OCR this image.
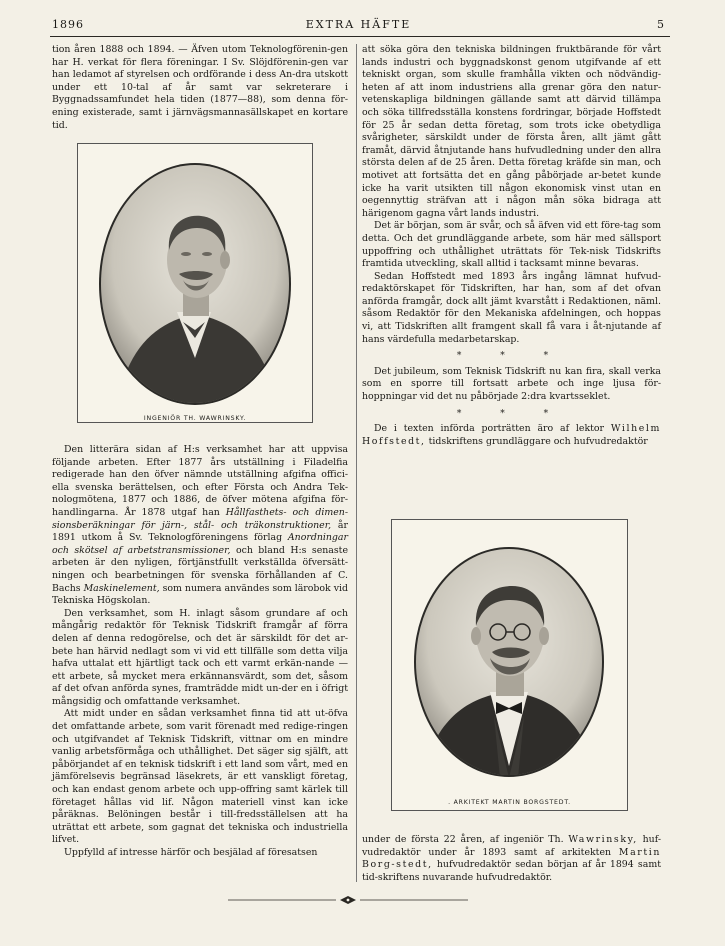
1896	EXTRA HÄFTE	5

tion åren 1888 och 1894. — Äfven utom Teknologförenin-gen har H. verkat för flera föreningar. I Sv. Slöjdförenin-gen var han ledamot af styrelsen och ordförande i dess An-dra utskott under ett 10-tal af år samt var sekreterare i Byggnadssamfundet hela tiden (1877—88), som denna för-ening existerade, samt i järnvägsmannasällskapet en kortare tid.

INGENIÖR TH. WAWRINSKY.

Den litterära sidan af H:s verksamhet har att uppvisa följande arbeten. Efter 1877 års utställning i Filadelfia redigerade han den öfver nämnde utställning afgifna offici-ella svenska berättelsen, och efter Första och Andra Tek-nologmötena, 1877 och 1886, de öfver mötena afgifna för-handlingarna. År 1878 utgaf han Hållfasthets- och dimen-sionsberäkningar för järn-, stål- och träkonstruktioner, år 1891 utkom å Sv. Teknologföreningens förlag Anordningar och skötsel af arbetstransmissioner, och bland H:s senaste arbeten är den nyligen, förtjänstfullt verkställda öfversätt-ningen och bearbetningen för svenska förhållanden af C. Bachs Maskinelement, som numera användes som lärobok vid Tekniska Högskolan.

Den verksamhet, som H. inlagt såsom grundare af och mångårig redaktör för Teknisk Tidskrift framgår af förra delen af denna redogörelse, och det är särskildt för det ar-bete han härvid nedlagt som vi vid ett tillfälle som detta vilja hafva uttalat ett hjärtligt tack och ett varmt erkän-nande — ett arbete, så mycket mera erkännansvärdt, som det, såsom af det ofvan anförda synes, framträdde midt un-der en i öfrigt mångsidig och omfattande verksamhet.

Att midt under en sådan verksamhet finna tid att ut-öfva det omfattande arbete, som varit förenadt med redige-ringen och utgifvandet af Teknisk Tidskrift, vittnar om en mindre vanlig arbetsförmåga och uthållighet. Det säger sig själft, att påbörjandet af en teknisk tidskrift i ett land som vårt, med en jämförelsevis begränsad läsekrets, är ett vanskligt företag, och kan endast genom arbete och upp-offring samt kärlek till företaget hållas vid lif. Någon materiell vinst kan icke påräknas. Belöningen består i till-fredsställelsen att ha uträttat ett arbete, som gagnat det tekniska och industriella lifvet.

Uppfylld af intresse härför och besjälad af föresatsen

att söka göra den tekniska bildningen fruktbärande för vårt lands industri och byggnadskonst genom utgifvande af ett tekniskt organ, som skulle framhålla vikten och nödvändig-heten af att inom industriens alla grenar göra den natur-vetenskapliga bildningen gällande samt att därvid tillämpa och söka tillfredsställa konstens fordringar, började Hoffstedt för 25 år sedan detta företag, som trots icke obetydliga svårigheter, särskildt under de första åren, allt jämt gått framåt, därvid åtnjutande hans hufvudledning under den allra största delen af de 25 åren. Detta företag kräfde sin man, och motivet att fortsätta det en gång påbörjade ar-betet kunde icke ha varit utsikten till någon ekonomisk vinst utan en oegennyttig sträfvan att i någon mån söka bidraga att härigenom gagna vårt lands industri.

Det är början, som är svår, och så äfven vid ett före-tag som detta. Och det grundläggande arbete, som här med sällsport uppoffring och uthållighet uträttats för Tek-nisk Tidskrifts framtida utveckling, skall alltid i tacksamt minne bevaras.

Sedan Hoffstedt med 1893 års ingång lämnat hufvud-redaktörskapet för Tidskriften, har han, som af det ofvan anförda framgår, dock allt jämt kvarstått i Redaktionen, näml. såsom Redaktör för den Mekaniska afdelningen, och hoppas vi, att Tidskriften allt framgent skall få vara i åt-njutande af hans värdefulla medarbetarskap.

* * *

Det jubileum, som Teknisk Tidskrift nu kan fira, skall verka som en sporre till fortsatt arbete och inge ljusa för-hoppningar vid det nu påbörjade 2:dra kvartsseklet.

* * *

De i texten införda porträtten äro af lektor Wilhelm Hoffstedt, tidskriftens grundläggare och hufvudredaktör

. ARKITEKT MARTIN BORGSTEDT.

under de första 22 åren, af ingeniör Th. Wawrinsky, huf-vudredaktör under år 1893 samt af arkitekten Martin Borg-stedt, hufvudredaktör sedan början af år 1894 samt tid-skriftens nuvarande hufvudredaktör.
